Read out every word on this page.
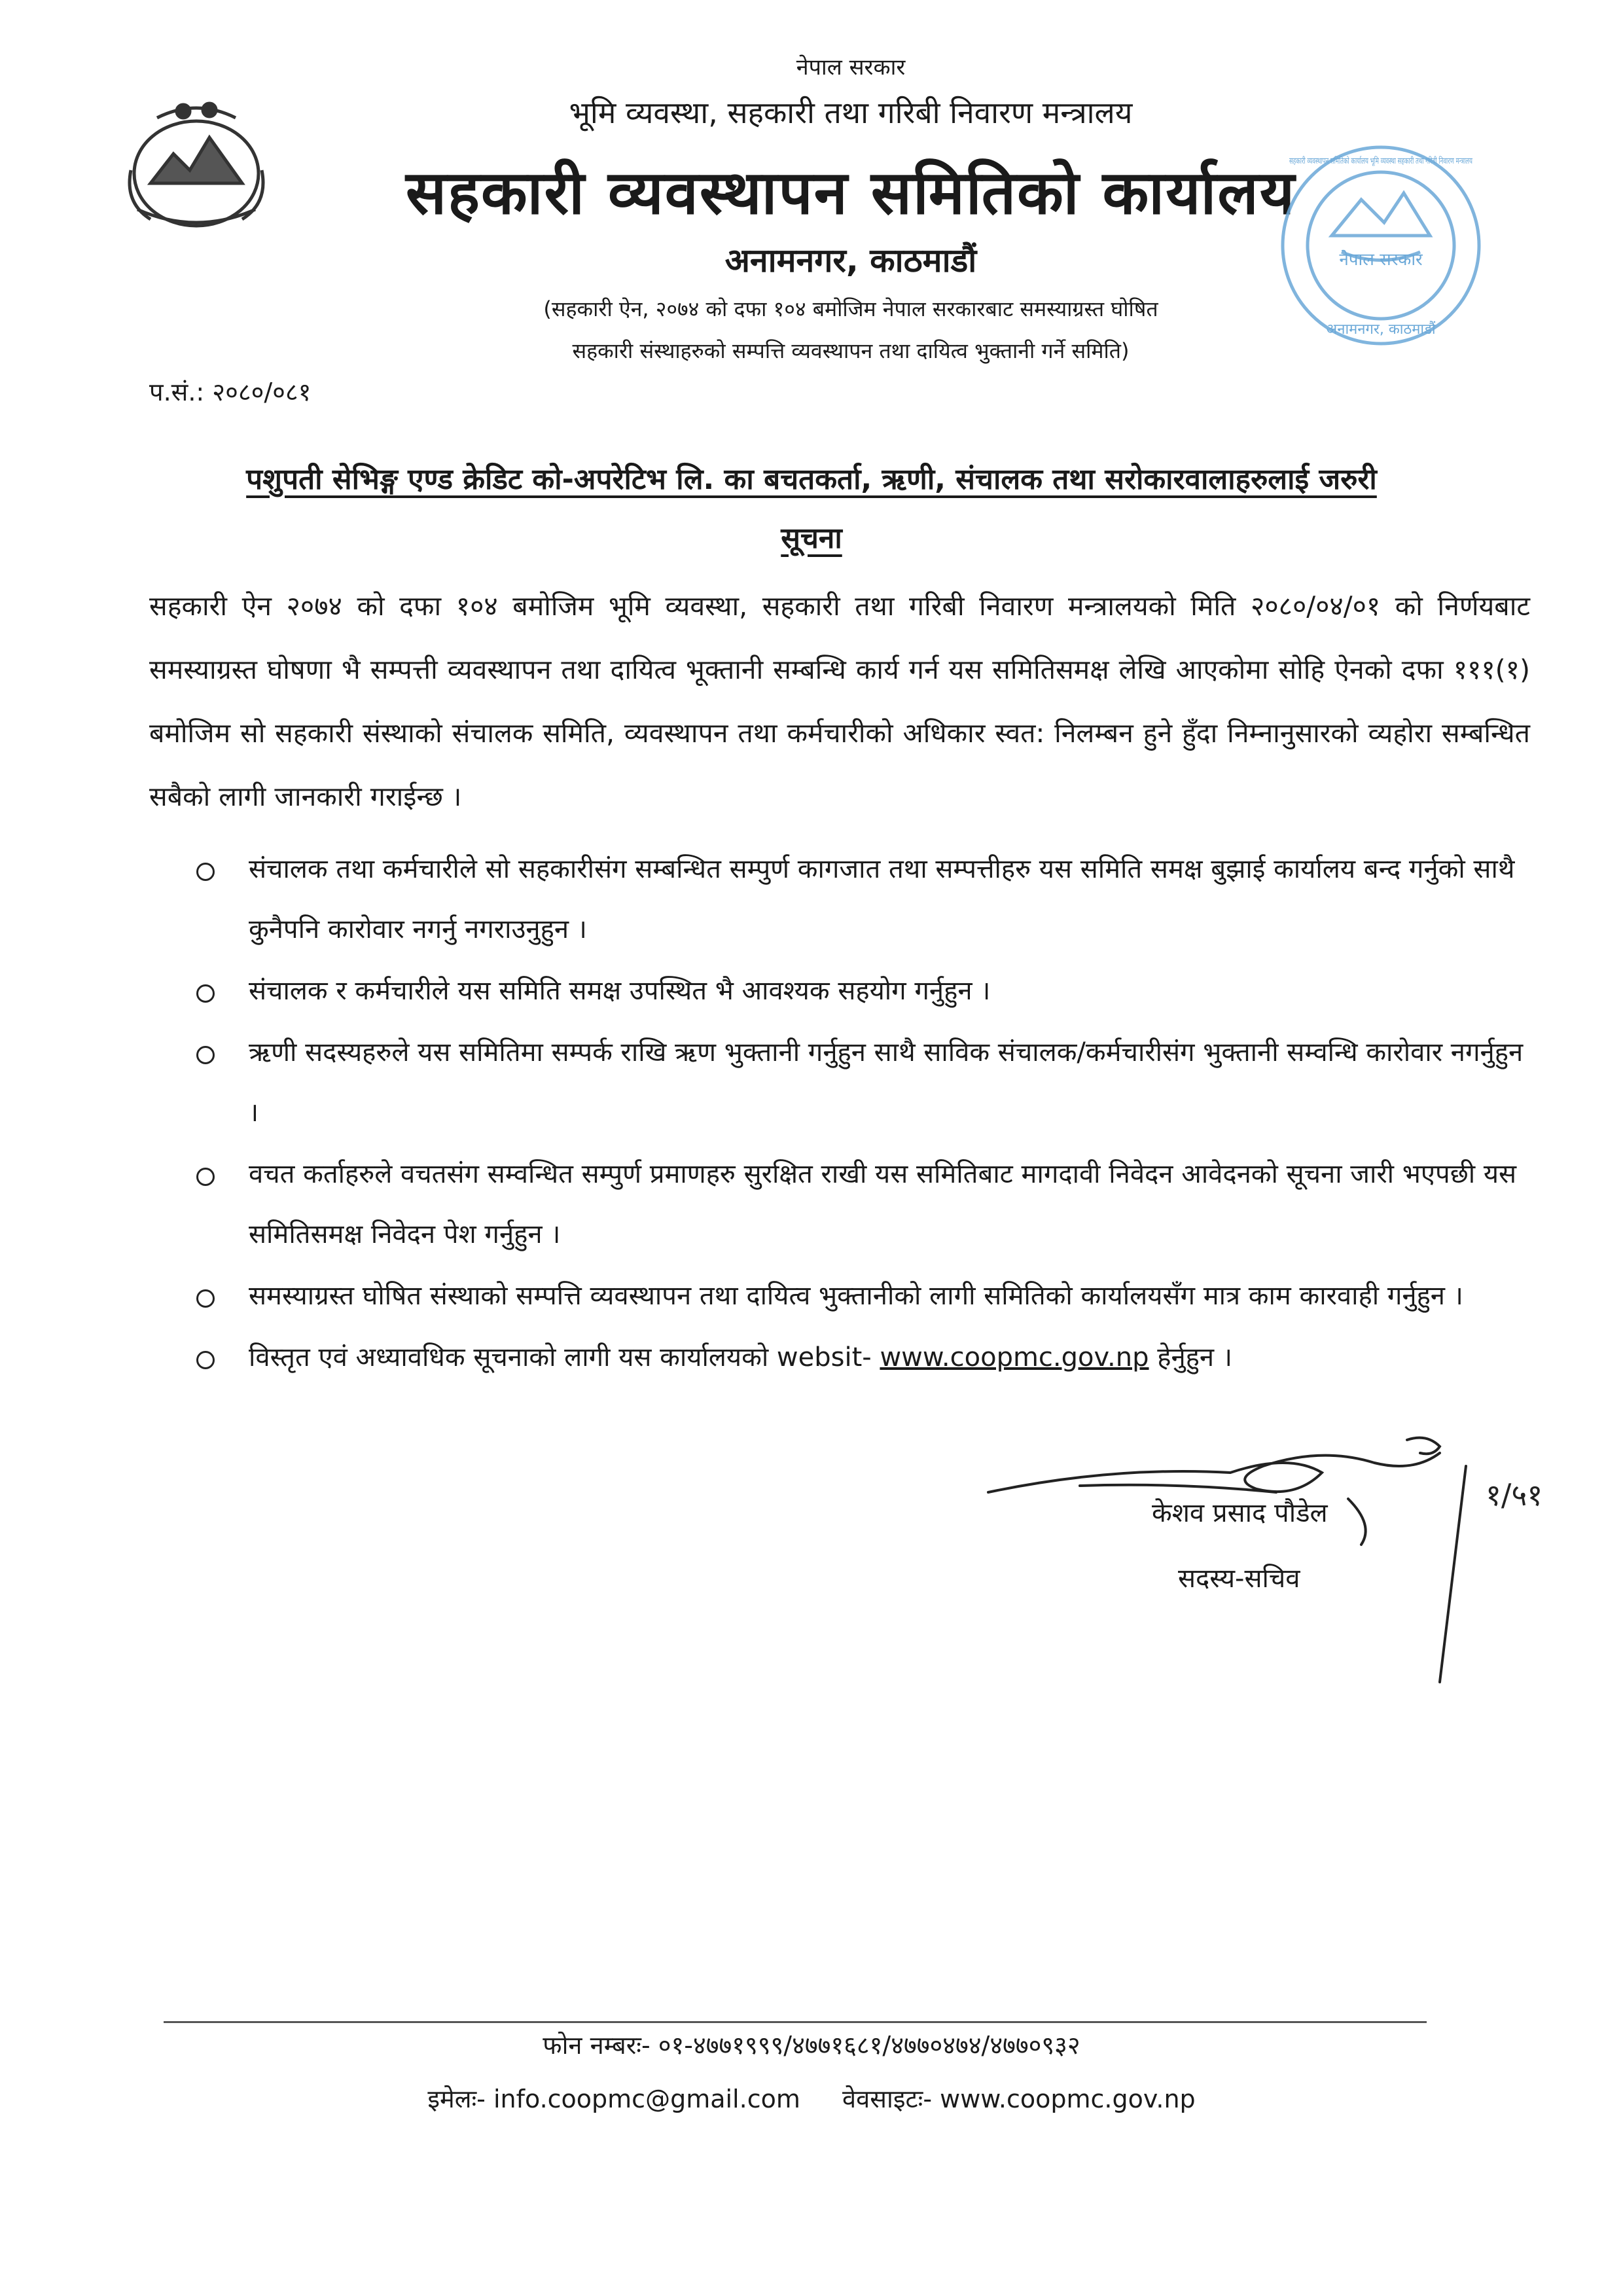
नेपाल सरकार
भूमि व्यवस्था, सहकारी तथा गरिबी निवारण मन्त्रालय
सहकारी व्यवस्थापन समितिको कार्यालय
अनामनगर, काठमाडौं
(सहकारी ऐन, २०७४ को दफा १०४ बमोजिम नेपाल सरकारबाट समस्याग्रस्त घोषित
सहकारी संस्थाहरुको सम्पत्ति व्यवस्थापन तथा दायित्व भुक्तानी गर्ने समिति)
नेपाल सरकार
अनामनगर, काठमाडौं
सहकारी व्यवस्थापन समितिको कार्यालय भूमि व्यवस्था सहकारी तथा गरिबी निवारण मन्त्रालय
प.सं.: २०८०/०८१
पशुपती सेभिङ्ग एण्ड क्रेडिट को-अपरेटिभ लि. का बचतकर्ता, ऋणी, संचालक तथा सरोकारवालाहरुलाई जरुरी
सूचना
सहकारी ऐन २०७४ को दफा १०४ बमोजिम भूमि व्यवस्था, सहकारी तथा गरिबी निवारण मन्त्रालयको मिति २०८०/०४/०१ को निर्णयबाट समस्याग्रस्त घोषणा भै सम्पत्ती व्यवस्थापन तथा दायित्व भूक्तानी सम्बन्धि कार्य गर्न यस समितिसमक्ष लेखि आएकोमा सोहि ऐनको दफा १११(१) बमोजिम सो सहकारी संस्थाको संचालक समिति, व्यवस्थापन तथा कर्मचारीको अधिकार स्वत: निलम्बन हुने हुँदा निम्नानुसारको व्यहोरा सम्बन्धित सबैको लागी जानकारी गराईन्छ ।
संचालक तथा कर्मचारीले सो सहकारीसंग सम्बन्धित सम्पुर्ण कागजात तथा सम्पत्तीहरु यस समिति समक्ष बुझाई कार्यालय बन्द गर्नुको साथै कुनैपनि कारोवार नगर्नु नगराउनुहुन ।
संचालक र कर्मचारीले यस समिति समक्ष उपस्थित भै आवश्यक सहयोग गर्नुहुन ।
ऋणी सदस्यहरुले यस समितिमा सम्पर्क राखि ऋण भुक्तानी गर्नुहुन साथै साविक संचालक/कर्मचारीसंग भुक्तानी सम्वन्धि कारोवार नगर्नुहुन ।
वचत कर्ताहरुले वचतसंग सम्वन्धित सम्पुर्ण प्रमाणहरु सुरक्षित राखी यस समितिबाट मागदावी निवेदन आवेदनको सूचना जारी भएपछी यस समितिसमक्ष निवेदन पेश गर्नुहुन ।
समस्याग्रस्त घोषित संस्थाको सम्पत्ति व्यवस्थापन तथा दायित्व भुक्तानीको लागी समितिको कार्यालयसँग मात्र काम कारवाही गर्नुहुन ।
विस्तृत एवं अध्यावधिक सूचनाको लागी यस कार्यालयको websit- www.coopmc.gov.np हेर्नुहुन ।
१/५१
केशव प्रसाद पौडेल
सदस्य-सचिव
फोन नम्बरः- ०१-४७७१९९९/४७७१६८१/४७७०४७४/४७७०९३२
इमेलः- info.coopmc@gmail.com वेवसाइटः- www.coopmc.gov.np
